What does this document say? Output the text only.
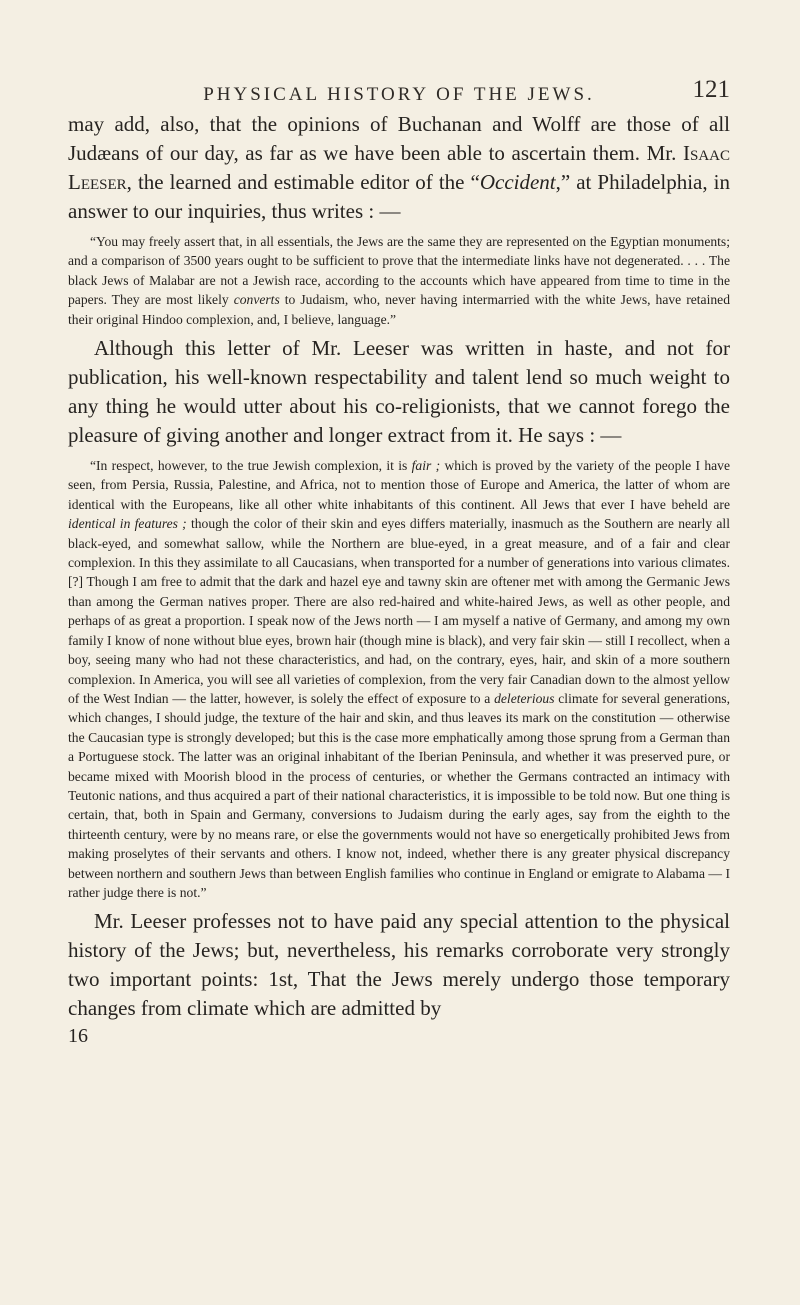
PHYSICAL HISTORY OF THE JEWS.	121

may add, also, that the opinions of Buchanan and Wolff are those of all Judæans of our day, as far as we have been able to ascertain them. Mr. Isaac Leeser, the learned and estimable editor of the “Occident,” at Philadelphia, in answer to our inquiries, thus writes : —

“You may freely assert that, in all essentials, the Jews are the same they are represented on the Egyptian monuments; and a comparison of 3500 years ought to be sufficient to prove that the intermediate links have not degenerated. . . . The black Jews of Malabar are not a Jewish race, according to the accounts which have appeared from time to time in the papers. They are most likely converts to Judaism, who, never having intermarried with the white Jews, have retained their original Hindoo complexion, and, I believe, language.”

Although this letter of Mr. Leeser was written in haste, and not for publication, his well-known respectability and talent lend so much weight to any thing he would utter about his co-religionists, that we cannot forego the pleasure of giving another and longer extract from it. He says : —

“In respect, however, to the true Jewish complexion, it is fair ; which is proved by the variety of the people I have seen, from Persia, Russia, Palestine, and Africa, not to mention those of Europe and America, the latter of whom are identical with the Europeans, like all other white inhabitants of this continent. All Jews that ever I have beheld are identical in features ; though the color of their skin and eyes differs materially, inasmuch as the Southern are nearly all black-eyed, and somewhat sallow, while the Northern are blue-eyed, in a great measure, and of a fair and clear complexion. In this they assimilate to all Caucasians, when transported for a number of generations into various climates. [?] Though I am free to admit that the dark and hazel eye and tawny skin are oftener met with among the Germanic Jews than among the German natives proper. There are also red-haired and white-haired Jews, as well as other people, and perhaps of as great a proportion. I speak now of the Jews north — I am myself a native of Germany, and among my own family I know of none without blue eyes, brown hair (though mine is black), and very fair skin — still I recollect, when a boy, seeing many who had not these characteristics, and had, on the contrary, eyes, hair, and skin of a more southern complexion. In America, you will see all varieties of complexion, from the very fair Canadian down to the almost yellow of the West Indian — the latter, however, is solely the effect of exposure to a deleterious climate for several generations, which changes, I should judge, the texture of the hair and skin, and thus leaves its mark on the constitution — otherwise the Caucasian type is strongly developed; but this is the case more emphatically among those sprung from a German than a Portuguese stock. The latter was an original inhabitant of the Iberian Peninsula, and whether it was preserved pure, or became mixed with Moorish blood in the process of centuries, or whether the Germans contracted an intimacy with Teutonic nations, and thus acquired a part of their national characteristics, it is impossible to be told now. But one thing is certain, that, both in Spain and Germany, conversions to Judaism during the early ages, say from the eighth to the thirteenth century, were by no means rare, or else the governments would not have so energetically prohibited Jews from making proselytes of their servants and others. I know not, indeed, whether there is any greater physical discrepancy between northern and southern Jews than between English families who continue in England or emigrate to Alabama — I rather judge there is not.”

Mr. Leeser professes not to have paid any special attention to the physical history of the Jews; but, nevertheless, his remarks corroborate very strongly two important points: 1st, That the Jews merely undergo those temporary changes from climate which are admitted by

16
